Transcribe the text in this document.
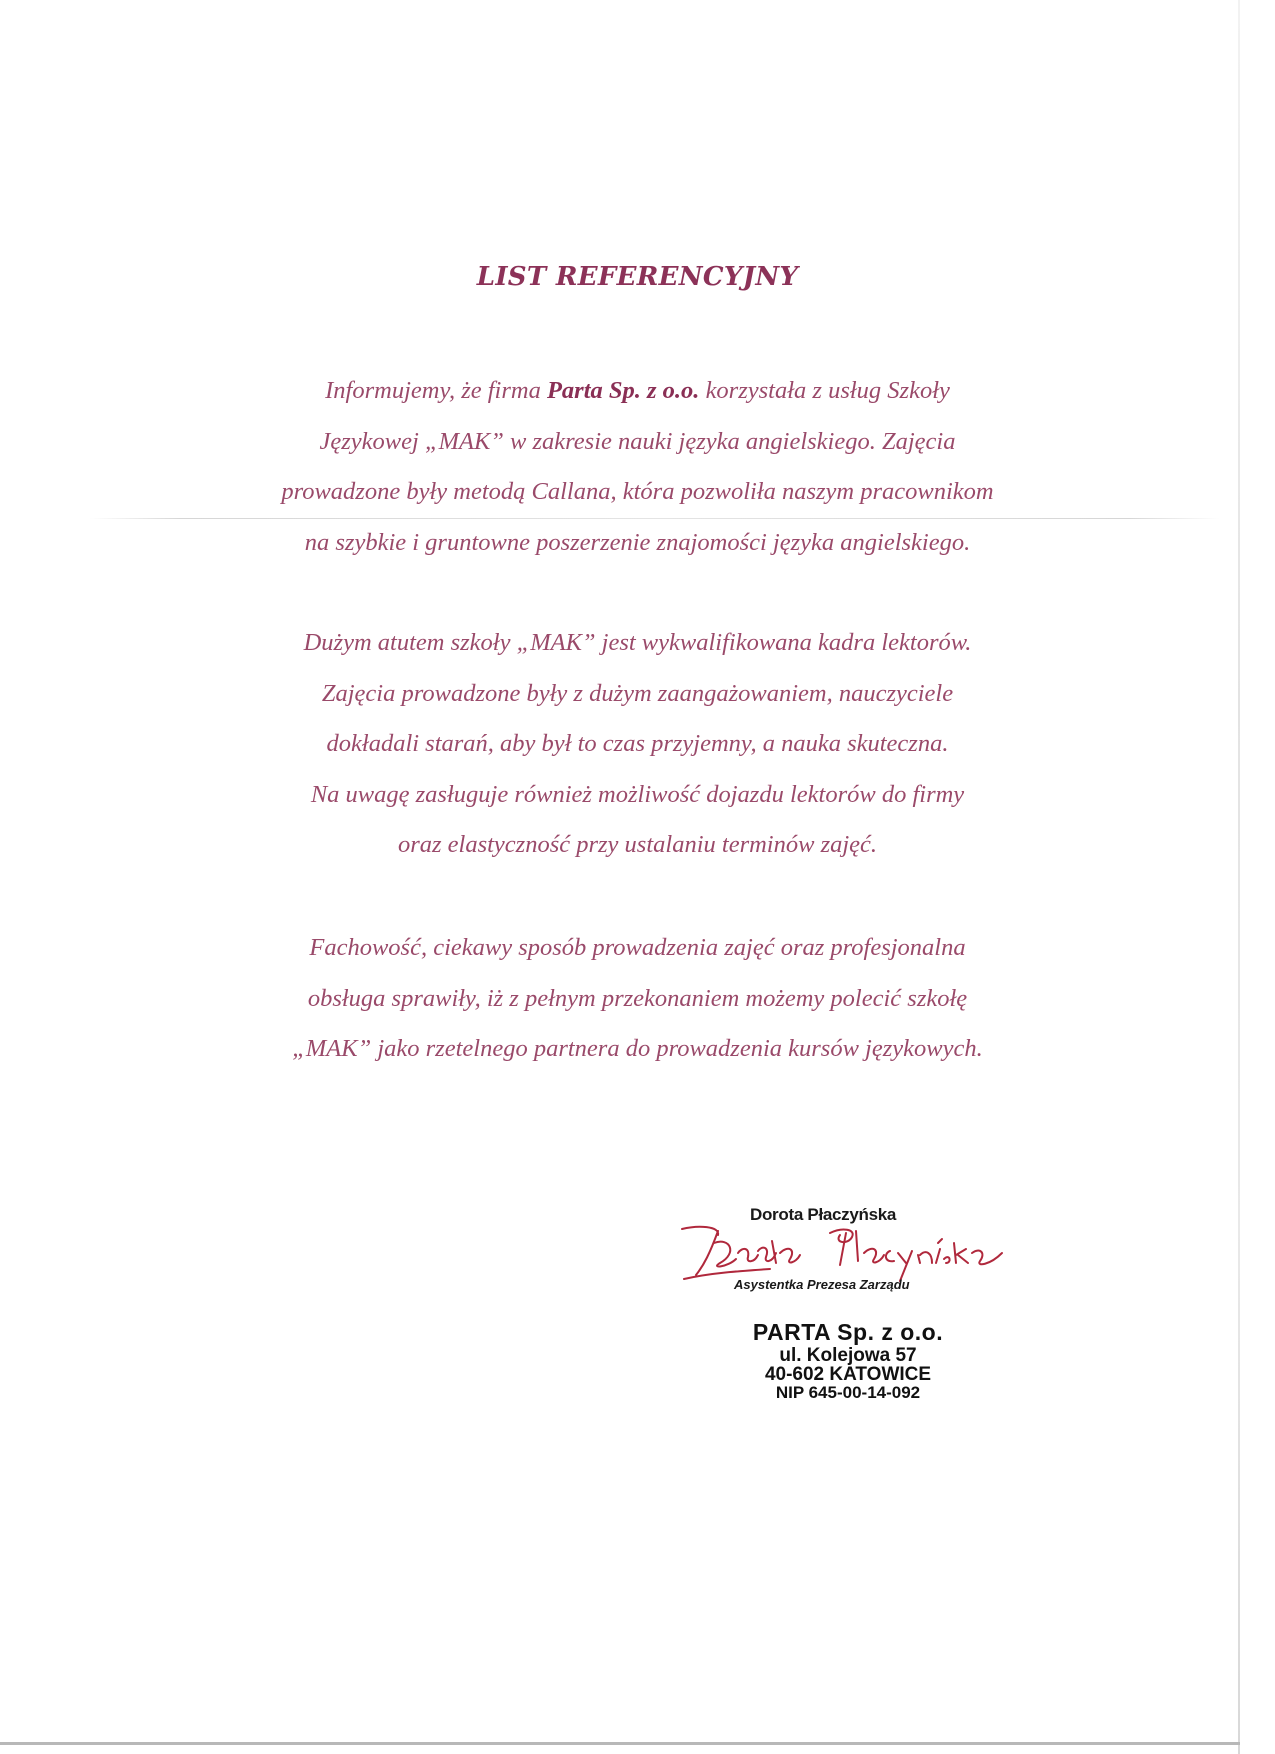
LIST REFERENCYJNY
Informujemy, że firma Parta Sp. z o.o. korzystała z usług Szkoły
Językowej „MAK” w zakresie nauki języka angielskiego. Zajęcia
prowadzone były metodą Callana, która pozwoliła naszym pracownikom
na szybkie i gruntowne poszerzenie znajomości języka angielskiego.
Dużym atutem szkoły „MAK” jest wykwalifikowana kadra lektorów.
Zajęcia prowadzone były z dużym zaangażowaniem, nauczyciele
dokładali starań, aby był to czas przyjemny, a nauka skuteczna.
Na uwagę zasługuje również możliwość dojazdu lektorów do firmy
oraz elastyczność przy ustalaniu terminów zajęć.
Fachowość, ciekawy sposób prowadzenia zajęć oraz profesjonalna
obsługa sprawiły, iż z pełnym przekonaniem możemy polecić szkołę
„MAK” jako rzetelnego partnera do prowadzenia kursów językowych.
Dorota Płaczyńska
Asystentka Prezesa Zarządu
PARTA Sp. z o.o.
ul. Kolejowa 57
40-602 KATOWICE
NIP 645-00-14-092
